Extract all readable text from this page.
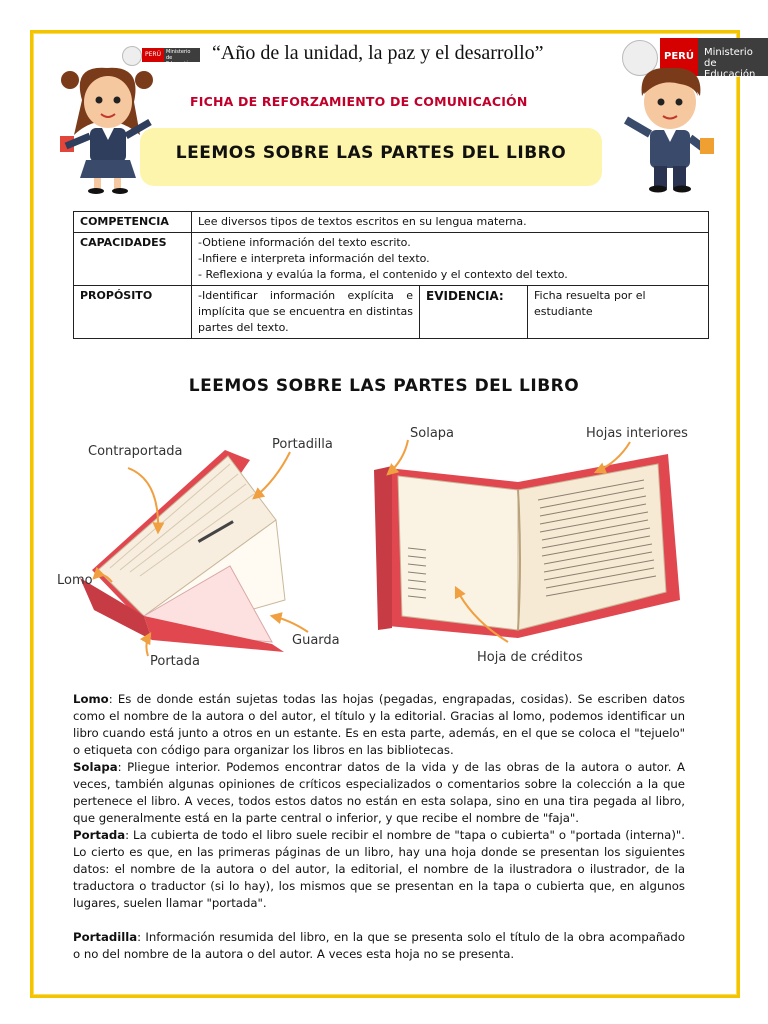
PERÚ	Ministerio de Educación
PERÚ	Ministerio de Educación
“Año de la unidad, la paz y el desarrollo”
FICHA DE REFORZAMIENTO DE COMUNICACIÓN
LEEMOS SOBRE LAS PARTES DEL LIBRO
COMPETENCIA	Lee diversos tipos de textos escritos en su lengua materna.		
CAPACIDADES	-Obtiene información del texto escrito.
-Infiere e interpreta información del texto.
- Reflexiona y evalúa la forma, el contenido y el contexto del texto.		

PROPÓSITO	-Identificar información explícita e implícita que se encuentra en distintas partes del texto.	EVIDENCIA:	Ficha resuelta por el estudiante
LEEMOS SOBRE LAS PARTES DEL LIBRO
Contraportada	Portadilla
Lomo
Guarda
Portada
Solapa	Hojas interiores
Hoja de créditos

Lomo: Es de donde están sujetas todas las hojas (pegadas, engrapadas, cosidas). Se escriben datos como el nombre de la autora o del autor, el título y la editorial. Gracias al lomo, podemos identificar un libro cuando está junto a otros en un estante. Es en esta parte, además, en el que se coloca el "tejuelo" o etiqueta con código para organizar los libros en las bibliotecas.

Solapa: Pliegue interior. Podemos encontrar datos de la vida y de las obras de la autora o autor. A veces, también algunas opiniones de críticos especializados o comentarios sobre la colección a la que pertenece el libro. A veces, todos estos datos no están en esta solapa, sino en una tira pegada al libro, que generalmente está en la parte central o inferior, y que recibe el nombre de "faja".

Portada: La cubierta de todo el libro suele recibir el nombre de "tapa o cubierta" o "portada (interna)". Lo cierto es que, en las primeras páginas de un libro, hay una hoja donde se presentan los siguientes datos: el nombre de la autora o del autor, la editorial, el nombre de la ilustradora o ilustrador, de la traductora o traductor (si lo hay), los mismos que se presentan en la tapa o cubierta que, en algunos lugares, suelen llamar "portada".

Portadilla: Información resumida del libro, en la que se presenta solo el título de la obra acompañado o no del nombre de la autora o del autor. A veces esta hoja no se presenta.
